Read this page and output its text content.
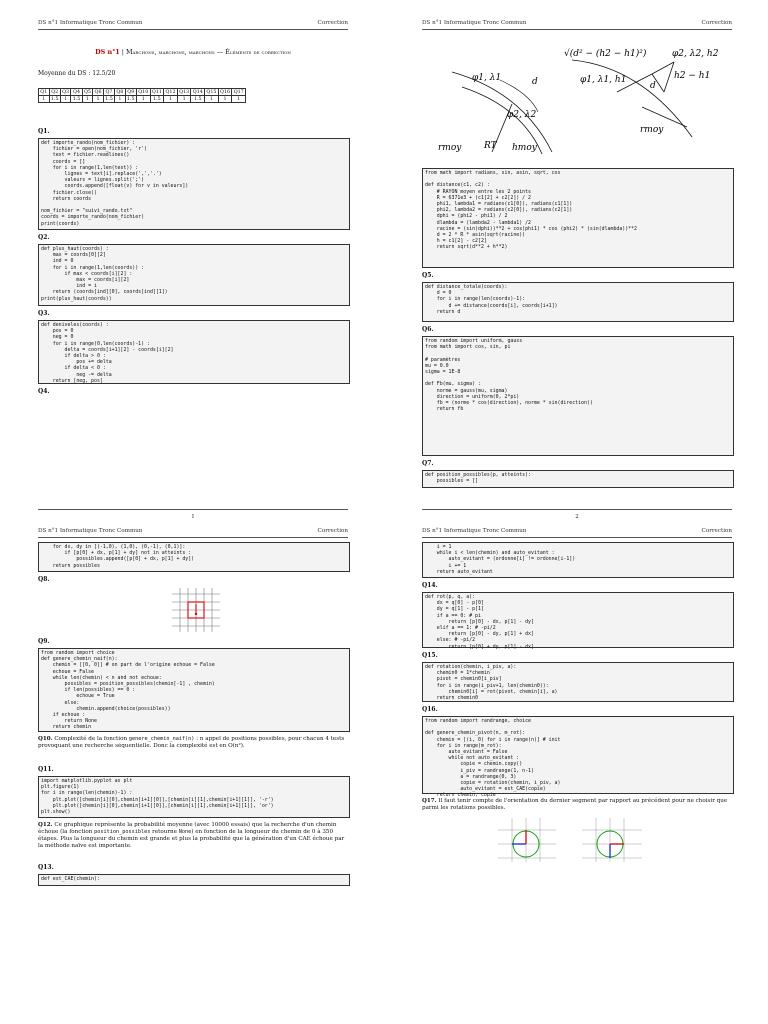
DS n°1 Informatique Tronc Commun	Correction
DS n°1 | Marchons, marchons, marchons — Éléments de correction
Moyenne du DS : 12.5/20
Q1	Q2	Q3	Q4	Q5	Q6	Q7	Q8	Q9	Q10	Q11	Q12	Q13	Q14	Q15	Q16	Q17
1	1.5	1	1.5	1	1	1.5	1	1.5	1	1.5	1	1	1.5	1	1	1
Q1.
def importe_rando(nom_fichier) :
fichier = open(nom_fichier, 'r')
text = fichier.readlines()
coords = []
for i in range(1,len(text)) :
lignes = text[i].replace(',','.')
valeurs = lignes.split(';')
coords.append([float(v) for v in valeurs])
fichier.close()
return coords

nom_fichier = "suivi_rando.txt"
coords = importe_rando(nom_fichier)
print(coords)
Q2.
def plus_haut(coords) :
max = coords[0][2]
ind = 0
for i in range(1,len(coords)) :
if max < coords[i][2] :
max = coords[i][2]
ind = i
return (coords[ind][0], coords[ind][1])
print(plus_haut(coords))
Q3.
def deniveles(coords) :
pos = 0
neg = 0
for i in range(0,len(coords)-1) :
delta = coords[i+1][2] - coords[i][2]
if delta > 0 :
pos += delta
if delta < 0 :
neg -= delta
return [neg, pos]
Q4.
1
DS n°1 Informatique Tronc Commun	Correction
d
φ1, λ1
φ2, λ2
rmoy	RT hmoy
√(d² − (h2 − h1)²)	φ2, λ2, h2
φ1, λ1, h1	h2 − h1
d
rmoy
from math import radians, sin, asin, sqrt, cos

def distance(c1, c2) :
# RAYON moyen entre les 2 points
R = 6371e3 + (c1[2] + c2[2]) / 2
phi1, lambda1 = radians(c1[0]), radians(c1[1])
phi2, lambda2 = radians(c2[0]), radians(c2[1])
dphi = (phi2 - phi1) / 2
dlambda = (lambda2 - lambda1) /2
racine = (sin(dphi))**2 + cos(phi1) * cos (phi2) * (sin(dlambda))**2
d = 2 * R * asin(sqrt(racine))
h = c1[2] - c2[2]
return sqrt(d**2 + h**2)
Q5.
def distance_totale(coords):
d = 0
for i in range(len(coords)-1):
d += distance(coords[i], coords[i+1])
return d
Q6.
from random import uniform, gauss
from math import cos, sin, pi

# paramètres
mu = 0.0
sigma = 1E-8

def Fb(mu, sigma) :
norme = gauss(mu, sigma)
direction = uniform(0, 2*pi)
fb = (norme * cos(direction), norme * sin(direction))
return fb
Q7.
def position_possibles(p, atteints):
possibles = []
2
DS n°1 Informatique Tronc Commun	Correction
for dx, dy in [(-1,0), (1,0), (0,-1), (0,1)]:
if [p[0] + dx, p[1] + dy] not in atteints :
possibles.append([p[0] + dx, p[1] + dy])
return possibles
Q8.
Q9.
from random import choice
def genere_chemin_naif(n):
chemin = [[0, 0]] # on part de l'origine echoue = False
echoue = False
while len(chemin) < n and not echoue:
possibles = position_possibles(chemin[-1] , chemin)
if len(possibles) == 0 :
echoue = True
else:
chemin.append(choice(possibles))
if echoue :
return None
return chemin
Q10. Complexité de la fonction genere_chemin_naif(n) : n appel de positions possibles, pour chacun 4 tests provoquant une recherche séquentielle. Donc la complexité est en O(n²).
Q11.
import matplotlib.pyplot as plt
plt.figure(1)
for i in range(len(chemin)-1) :
plt.plot([chemin[i][0],chemin[i+1][0]],[chemin[i][1],chemin[i+1][1]], '-r')
plt.plot([chemin[i][0],chemin[i+1][0]],[chemin[i][1],chemin[i+1][1]], 'or')
plt.show()
Q12. Ce graphique représente la probabilité moyenne (avec 10000 essais) que la recherche d'un chemin échoue (la fonction position_possibles retourne None) en fonction de la longueur du chemin de 0 à 350 étapes. Plus la longueur du chemin est grande et plus la probabilité que la génération d'un CAE échoue par la méthode naïve est importante.
Q13.
def est_CAE(chemin):
DS n°1 Informatique Tronc Commun	Correction
i = 1
while i < len(chemin) and auto_evitant :
auto_evitant = (ordonne[i] != ordonne[i-1])
i += 1
return auto_evitant
Q14.
def rot(p, q, a):
dx = q[0] - p[0]
dy = q[1] - p[1]
if a == 0: # pi
return [p[0] - dx, p[1] - dy]
elif a == 1: # -pi/2
return [p[0] - dy, p[1] + dx]
else: # -pi/2
return [p[0] + dy, p[1] - dx]
Q15.
def rotation(chemin, i_piv, a):
chemin0 = 1*chemin
pivot = chemin0[i_piv]
for i in range(i_piv+1, len(chemin0)):
chemin0[i] = rot(pivot, chemin[i], a)
return chemin0
Q16.
from random import randrange, choice

def genere_chemin_pivot(n, m_rot):
chemin = [(i, 0) for i in range(n)] # init
for i in range(m_rot):
auto_evitant = False
while not auto_evitant :
copie = chemin.copy()
i_piv = randrange(1, n-1)
a = randrange(0, 3)
copie = rotation(chemin, i_piv, a)
auto_evitant = est_CAE(copie)
return chemin, copie
Q17. Il faut tenir compte de l'orientation du dernier segment par rapport au précédent pour ne choisir que parmi les rotations possibles.
